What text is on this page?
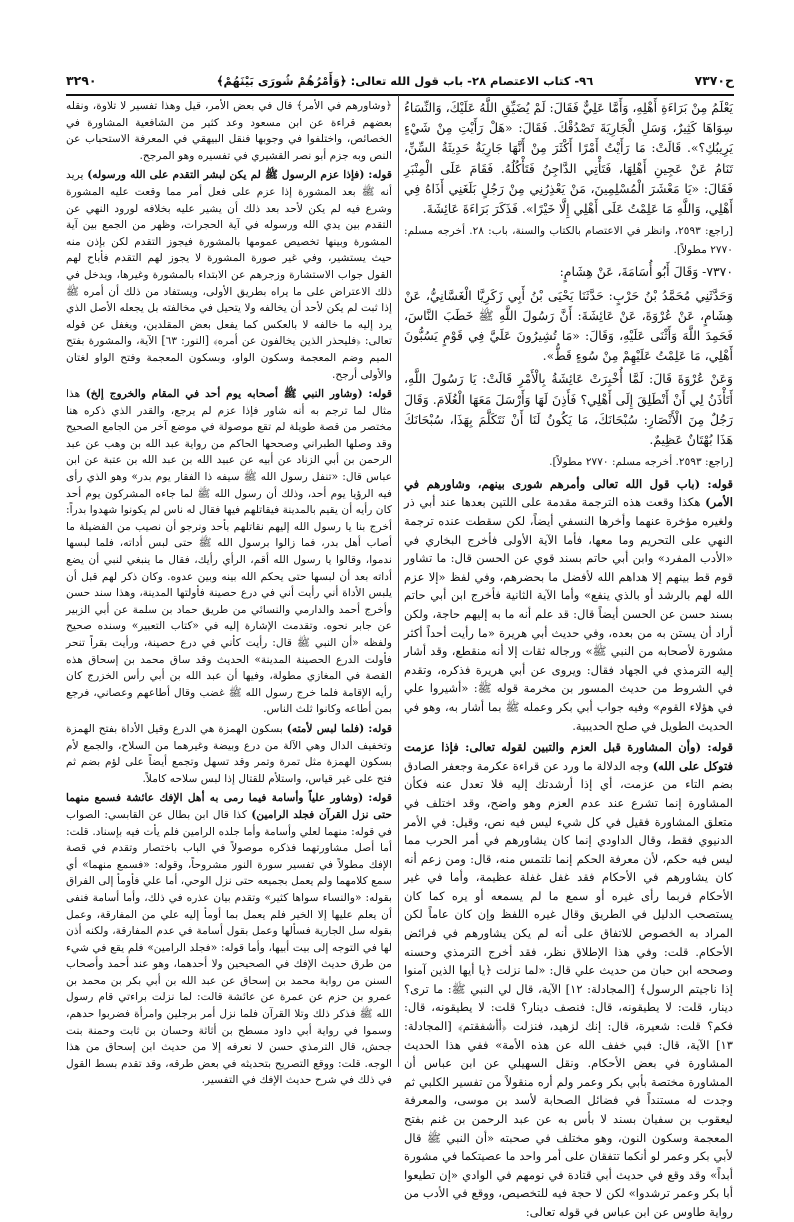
ح٧٣٧٠
٩٦- كتاب الاعتصام ٢٨- باب قول الله تعالى: ﴿وَأَمْرُهُمْ شُورَى بَيْنَهُمْ﴾
٣٢٩٠

يَعْلَمُ مِنْ بَرَاءَةِ أَهْلِهِ، وَأَمَّا عَلِيٌّ فَقَالَ: لَمْ يُضَيِّقِ اللَّهُ عَلَيْكَ، وَالنِّسَاءُ سِوَاهَا كَثِيرٌ، وَسَلِ الْجَارِيَةَ تَصْدُقْكَ. فَقَالَ: «هَلْ رَأَيْتِ مِنْ شَيْءٍ يَرِيبُكِ؟». قَالَتْ: مَا رَأَيْتُ أَمْرًا أَكْثَرَ مِنْ أَنَّهَا جَارِيَةٌ حَدِيثَةُ السِّنِّ، تَنَامُ عَنْ عَجِينِ أَهْلِهَا، فَتَأْتِي الدَّاجِنُ فَتَأْكُلُهُ. فَقَامَ عَلَى الْمِنْبَرِ فَقَالَ: «يَا مَعْشَرَ الْمُسْلِمِينَ، مَنْ يَعْذِرُنِي مِنْ رَجُلٍ بَلَغَنِي أَذَاهُ فِي أَهْلِي، وَاللَّهِ مَا عَلِمْتُ عَلَى أَهْلِي إِلَّا خَيْرًا». فَذَكَرَ بَرَاءَةَ عَائِشَةَ.

[راجع: ٢٥٩٣، وانظر في الاعتصام بالكتاب والسنة، باب: ٢٨. أخرجه مسلم: ٢٧٧٠ مطولاً].

٧٣٧٠- وَقَالَ أَبُو أُسَامَةَ، عَنْ هِشَامٍ:

وَحَدَّثَنِي مُحَمَّدُ بْنُ حَرْبٍ: حَدَّثَنَا يَحْيَى بْنُ أَبِي زَكَرِيَّا الْغَسَّانِيُّ، عَنْ هِشَامٍ، عَنْ عُرْوَةَ، عَنْ عَائِشَةَ: أَنَّ رَسُولَ اللَّهِ ﷺ خَطَبَ النَّاسَ، فَحَمِدَ اللَّهَ وَأَثْنَى عَلَيْهِ، وَقَالَ: «مَا تُشِيرُونَ عَلَيَّ فِي قَوْمٍ يَسُبُّونَ أَهْلِي، مَا عَلِمْتُ عَلَيْهِمْ مِنْ سُوءٍ قَطُّ».

وَعَنْ عُرْوَةَ قَالَ: لَمَّا أُخْبِرَتْ عَائِشَةُ بِالْأَمْرِ قَالَتْ: يَا رَسُولَ اللَّهِ، أَتَأْذَنُ لِي أَنْ أَنْطَلِقَ إِلَى أَهْلِي؟ فَأَذِنَ لَهَا وَأَرْسَلَ مَعَهَا الْغُلَامَ. وَقَالَ رَجُلٌ مِنَ الْأَنْصَارِ: سُبْحَانَكَ، مَا يَكُونُ لَنَا أَنْ نَتَكَلَّمَ بِهَذَا، سُبْحَانَكَ هَذَا بُهْتَانٌ عَظِيمٌ.

[راجع: ٢٥٩٣. أخرجه مسلم: ٢٧٧٠ مطولاً].

قوله: (باب قول الله تعالى وأمرهم شورى بينهم، وشاورهم في الأمر) هكذا وقعت هذه الترجمة مقدمة على اللتين بعدها عند أبي ذر ولغيره مؤخرة عنهما وأخرها النسفي أيضاً، لكن سقطت عنده ترجمة النهي على التحريم وما معها، فأما الآية الأولى فأخرج البخاري في «الأدب المفرد» وابن أبي حاتم بسند قوي عن الحسن قال: ما تشاور قوم قط بينهم إلا هداهم الله لأفضل ما بحضرهم، وفي لفظ «إلا عزم الله لهم بالرشد أو بالذي ينفع» وأما الآية الثانية فأخرج ابن أبي حاتم بسند حسن عن الحسن أيضاً قال: قد علم أنه ما به إليهم حاجة، ولكن أراد أن يستن به من بعده، وفي حديث أبي هريرة «ما رأيت أحداً أكثر مشورة لأصحابه من النبي ﷺ» ورجاله ثقات إلا أنه منقطع، وقد أشار إليه الترمذي في الجهاد فقال: ويروى عن أبي هريرة فذكره، وتقدم في الشروط من حديث المسور بن مخرمة قوله ﷺ: «أشيروا علي في هؤلاء القوم» وفيه جواب أبي بكر وعمله ﷺ بما أشار به، وهو في الحديث الطويل في صلح الحديبية.

قوله: (وأن المشاورة قبل العزم والتبين لقوله تعالى: فإذا عزمت فتوكل على الله) وجه الدلالة ما ورد عن قراءة عكرمة وجعفر الصادق بضم التاء من عزمت، أي إذا أرشدتك إليه فلا تعدل عنه فكأن المشاورة إنما تشرع عند عدم العزم وهو واضح، وقد اختلف في متعلق المشاورة فقيل في كل شيء ليس فيه نص، وقيل: في الأمر الدنيوي فقط، وقال الداودي إنما كان يشاورهم في أمر الحرب مما ليس فيه حكم، لأن معرفة الحكم إنما تلتمس منه، قال: ومن زعم أنه كان يشاورهم في الأحكام فقد غفل غفلة عظيمة، وأما في غير الأحكام فربما رأى غيره أو سمع ما لم يسمعه أو يره كما كان يستصحب الدليل في الطريق وقال غيره اللفظ وإن كان عاماً لكن المراد به الخصوص للاتفاق على أنه لم يكن يشاورهم في فرائض الأحكام. قلت: وفي هذا الإطلاق نظر، فقد أخرج الترمذي وحسنه وصححه ابن حبان من حديث علي قال: «لما نزلت ﴿يا أيها الذين آمنوا إذا ناجيتم الرسول﴾ [المجادلة: ١٢] الآية، قال لي النبي ﷺ: ما ترى؟ دينار، قلت: لا يطيقونه، قال: فنصف دينار؟ قلت: لا يطيقونه، قال: فكم؟ قلت: شعيرة، قال: إنك لزهيد، فنزلت ﴿أأشفقتم﴾ [المجادلة: ١٣] الآية، قال: فبي خفف الله عن هذه الأمة» ففي هذا الحديث المشاورة في بعض الأحكام. ونقل السهيلي عن ابن عباس أن المشاورة مختصة بأبي بكر وعمر ولم أره منقولاً من تفسير الكلبي ثم وجدت له مستنداً في فضائل الصحابة لأسد بن موسى، والمعرفة ليعقوب بن سفيان بسند لا بأس به عن عبد الرحمن بن غنم بفتح المعجمة وسكون النون، وهو مختلف في صحبته «أن النبي ﷺ قال لأبي بكر وعمر لو أنكما تتفقان على أمر واحد ما عصيتكما في مشورة أبداً» وقد وقع في حديث أبي قتادة في نومهم في الوادي «إن تطيعوا أبا بكر وعمر ترشدوا» لكن لا حجة فيه للتخصيص، ووقع في الأدب من رواية طاوس عن ابن عباس في قوله تعالى:

﴿وشاورهم في الأمر﴾ قال في بعض الأمر، قيل وهذا تفسير لا تلاوة، ونقله بعضهم قراءة عن ابن مسعود وعد كثير من الشافعية المشاورة في الخصائص، واختلفوا في وجوبها فنقل البيهقي في المعرفة الاستحباب عن النص وبه جزم أبو نصر القشيري في تفسيره وهو المرجح.

قوله: (فإذا عزم الرسول ﷺ لم يكن لبشر التقدم على الله ورسوله) يريد أنه ﷺ بعد المشورة إذا عزم على فعل أمر مما وقعت عليه المشورة وشرع فيه لم يكن لأحد بعد ذلك أن يشير عليه بخلافه لورود النهي عن التقدم بين يدي الله ورسوله في آية الحجرات، وظهر من الجمع بين آية المشورة وبينها تخصيص عمومها بالمشورة فيجوز التقدم لكن بإذن منه حيث يستشير، وفي غير صورة المشورة لا يجوز لهم التقدم فأباح لهم القول جواب الاستشارة وزجرهم عن الابتداء بالمشورة وغيرها، ويدخل في ذلك الاعتراض على ما يراه بطريق الأولى، ويستفاد من ذلك أن أمره ﷺ إذا ثبت لم يكن لأحد أن يخالفه ولا يتحيل في مخالفته بل يجعله الأصل الذي يرد إليه ما خالفه لا بالعكس كما يفعل بعض المقلدين، ويغفل عن قوله تعالى: ﴿فليحذر الذين يخالفون عن أمره﴾ [النور: ٦٣] الآية، والمشورة بفتح الميم وضم المعجمة وسكون الواو، وبسكون المعجمة وفتح الواو لغتان والأولى أرجح.

قوله: (وشاور النبي ﷺ أصحابه يوم أحد في المقام والخروج إلخ) هذا مثال لما ترجم به أنه شاور فإذا عزم لم يرجع، والقدر الذي ذكره هنا مختصر من قصة طويلة لم تقع موصولة في موضع آخر من الجامع الصحيح وقد وصلها الطبراني وصححها الحاكم من رواية عبد الله بن وهب عن عبد الرحمن بن أبي الزناد عن أبيه عن عبيد الله بن عبد الله بن عتبة عن ابن عباس قال: «تنفل رسول الله ﷺ سيفه ذا الفقار يوم بدر» وهو الذي رأى فيه الرؤيا يوم أحد، وذلك أن رسول الله ﷺ لما جاءه المشركون يوم أحد كان رأيه أن يقيم بالمدينة فيقاتلهم فيها فقال له ناس لم يكونوا شهدوا بدراً: أخرج بنا يا رسول الله إليهم نقاتلهم بأحد ونرجو أن نصيب من الفضيلة ما أصاب أهل بدر، فما زالوا برسول الله ﷺ حتى لبس أداته، فلما لبسها ندموا، وقالوا يا رسول الله أقم، الرأي رأيك، فقال ما ينبغي لنبي أن يضع أداته بعد أن لبسها حتى يحكم الله بينه وبين عدوه. وكان ذكر لهم قبل أن يلبس الأداة أني رأيت أني في درع حصينة فأولتها المدينة، وهذا سند حسن وأخرج أحمد والدارمي والنسائي من طريق حماد بن سلمة عن أبي الزبير عن جابر نحوه. وتقدمت الإشارة إليه في «كتاب التعبير» وسنده صحيح ولفظه «أن النبي ﷺ قال: رأيت كأني في درع حصينة، ورأيت بقراً تنحر فأولت الدرع الحصينة المدينة» الحديث وقد ساق محمد بن إسحاق هذه القصة في المغازي مطولة، وفيها أن عبد الله بن أبي رأس الخزرج كان رأيه الإقامة فلما خرج رسول الله ﷺ غضب وقال أطاعهم وعصاني، فرجع بمن أطاعه وكانوا ثلث الناس.

قوله: (فلما لبس لأمته) بسكون الهمزة هي الدرع وقيل الأداة بفتح الهمزة وتخفيف الدال وهي الآلة من درع وبيضة وغيرهما من السلاح، والجمع لأم بسكون الهمزة مثل تمرة وتمر وقد تسهل وتجمع أيضاً على لؤم بضم ثم فتح على غير قياس، واستلأم للقتال إذا لبس سلاحه كاملاً.

قوله: (وشاور علياً وأسامة فيما رمى به أهل الإفك عائشة فسمع منهما حتى نزل القرآن فجلد الرامين) كذا قال ابن بطال عن القابسي: الصواب في قوله: منهما لعلي وأسامة وأما جلده الرامين فلم يأت فيه بإسناد. قلت: أما أصل مشاورتهما فذكره موصولاً في الباب باختصار وتقدم في قصة الإفك مطولاً في تفسير سورة النور مشروحاً، وقوله: «فسمع منهما» أي سمع كلامهما ولم يعمل بجميعه حتى نزل الوحي، أما علي فأومأ إلى الفراق بقوله: «والنساء سواها كثير» وتقدم بيان عذره في ذلك، وأما أسامة فنفى أن يعلم عليها إلا الخير فلم يعمل بما أومأ إليه علي من المفارقة، وعمل بقوله سل الجارية فسألها وعمل بقول أسامة في عدم المفارقة، ولكنه أذن لها في التوجه إلى بيت أبيها، وأما قوله: «فجلد الرامين» فلم يقع في شيء من طرق حديث الإفك في الصحيحين ولا أحدهما، وهو عند أحمد وأصحاب السنن من رواية محمد بن إسحاق عن عبد الله بن أبي بكر بن محمد بن عمرو بن حزم عن عمرة عن عائشة قالت: لما نزلت براءتي قام رسول الله ﷺ فذكر ذلك وتلا القرآن فلما نزل أمر برجلين وامرأة فضربوا حدهم، وسموا في رواية أبي داود مسطح بن أثاثة وحسان بن ثابت وحمنة بنت جحش، قال الترمذي حسن لا نعرفه إلا من حديث ابن إسحاق من هذا الوجه. قلت: ووقع التصريح بتحديثه في بعض طرقه، وقد تقدم بسط القول في ذلك في شرح حديث الإفك في التفسير.
